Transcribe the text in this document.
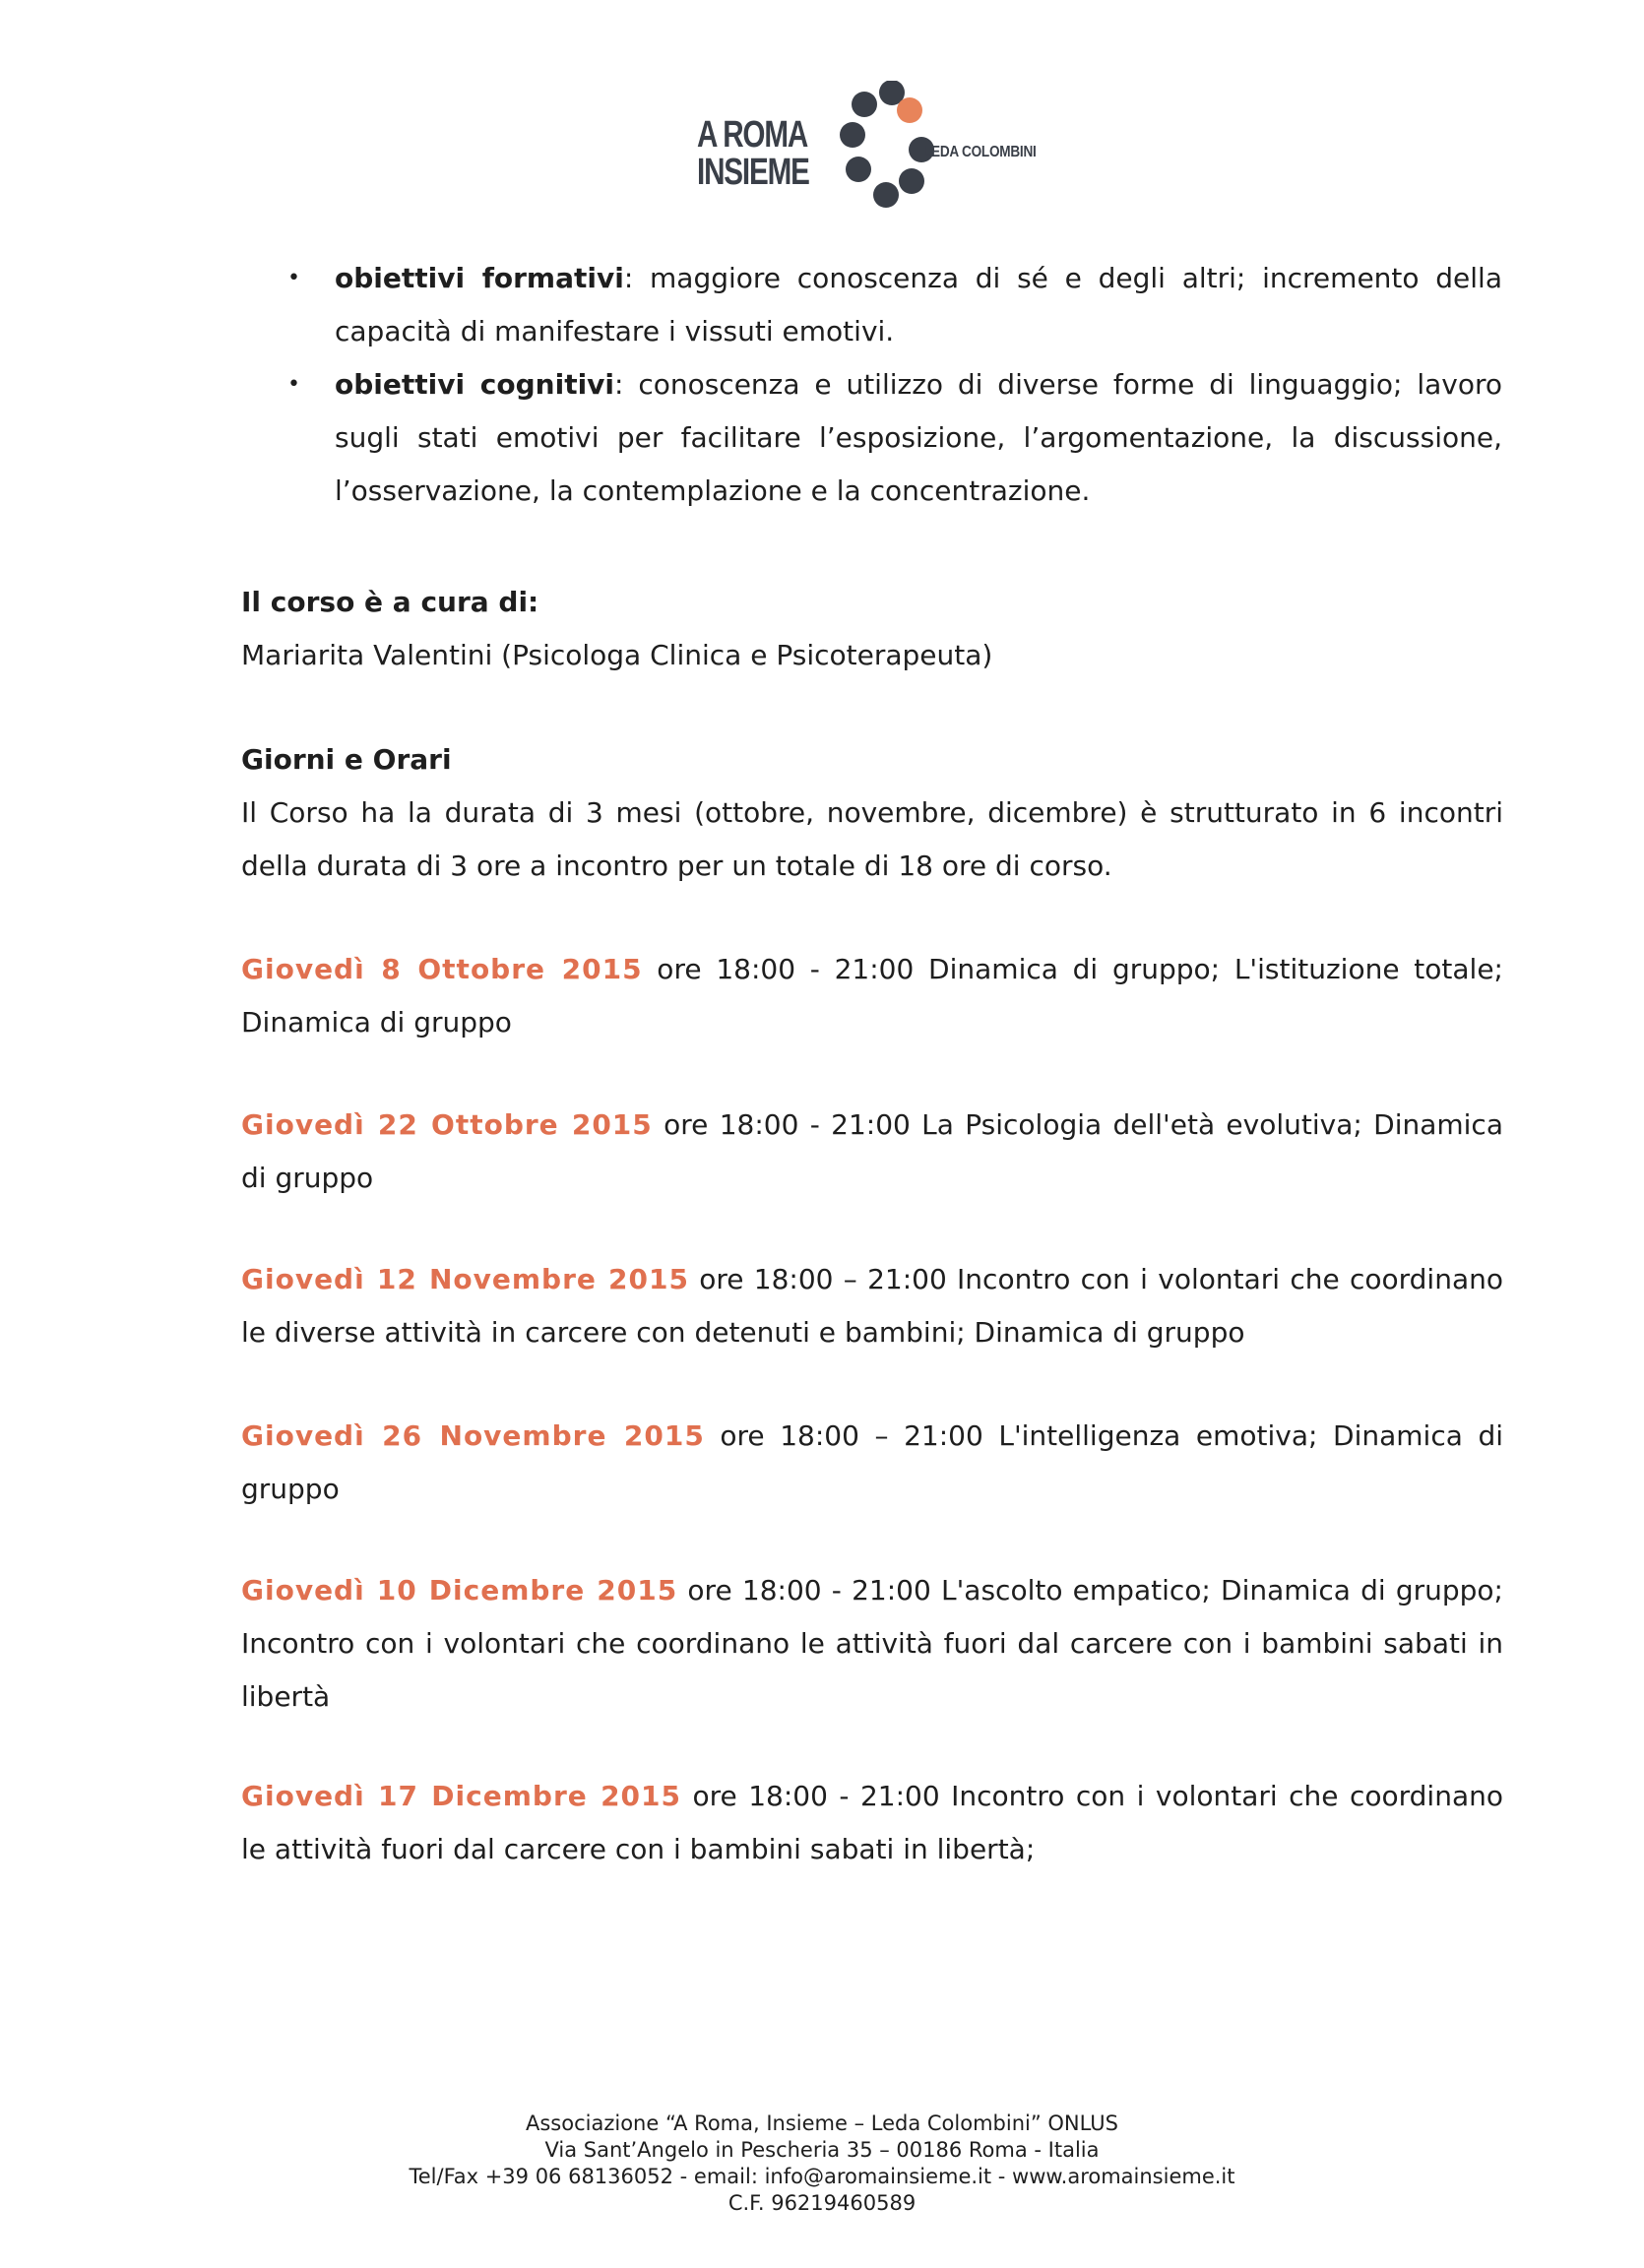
A ROMA
INSIEME	LEDA COLOMBINI
• obiettivi formativi: maggiore conoscenza di sé e degli altri; incremento della capacità di manifestare i vissuti emotivi.
• obiettivi cognitivi: conoscenza e utilizzo di diverse forme di linguaggio; lavoro sugli stati emotivi per facilitare l’esposizione, l’argomentazione, la discussione, l’osservazione, la contemplazione e la concentrazione.

Il corso è a cura di:

Mariarita Valentini (Psicologa Clinica e Psicoterapeuta)

Giorni e Orari

Il Corso ha la durata di 3 mesi (ottobre, novembre, dicembre) è strutturato in 6 incontri della durata di 3 ore a incontro per un totale di 18 ore di corso.
Giovedì 8 Ottobre 2015 ore 18:00 - 21:00 Dinamica di gruppo; L'istituzione totale; Dinamica di gruppo
Giovedì 22 Ottobre 2015 ore 18:00 - 21:00 La Psicologia dell'età evolutiva; Dinamica di gruppo
Giovedì 12 Novembre 2015 ore 18:00 – 21:00 Incontro con i volontari che coordinano le diverse attività in carcere con detenuti e bambini; Dinamica di gruppo
Giovedì 26 Novembre 2015 ore 18:00 – 21:00 L'intelligenza emotiva; Dinamica di gruppo
Giovedì 10 Dicembre 2015 ore 18:00 - 21:00 L'ascolto empatico; Dinamica di gruppo; Incontro con i volontari che coordinano le attività fuori dal carcere con i bambini sabati in libertà
Giovedì 17 Dicembre 2015 ore 18:00 - 21:00 Incontro con i volontari che coordinano le attività fuori dal carcere con i bambini sabati in libertà;
Associazione “A Roma, Insieme – Leda Colombini” ONLUS
Via Sant’Angelo in Pescheria 35 – 00186 Roma - Italia
Tel/Fax +39 06 68136052 - email: info@aromainsieme.it - www.aromainsieme.it
C.F. 96219460589
